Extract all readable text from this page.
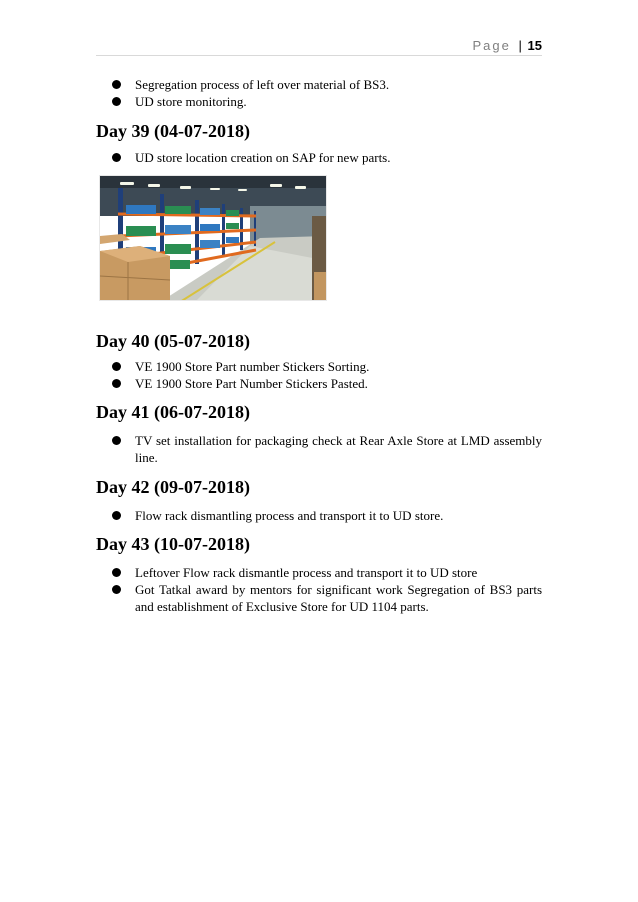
Page | 15
Segregation process of left over material of BS3.
UD store monitoring.
Day 39 (04-07-2018)
UD store location creation on SAP for new parts.
Day 40 (05-07-2018)
VE 1900 Store Part number Stickers Sorting.
VE 1900 Store Part Number Stickers Pasted.
Day 41 (06-07-2018)
TV set installation for packaging check at Rear Axle Store at LMD assembly line.
Day 42 (09-07-2018)
Flow rack dismantling process and transport it to UD store.
Day 43 (10-07-2018)
Leftover Flow rack dismantle process and transport it to UD store
Got Tatkal award by mentors for significant work Segregation of BS3 parts and establishment of Exclusive Store for UD 1104 parts.
